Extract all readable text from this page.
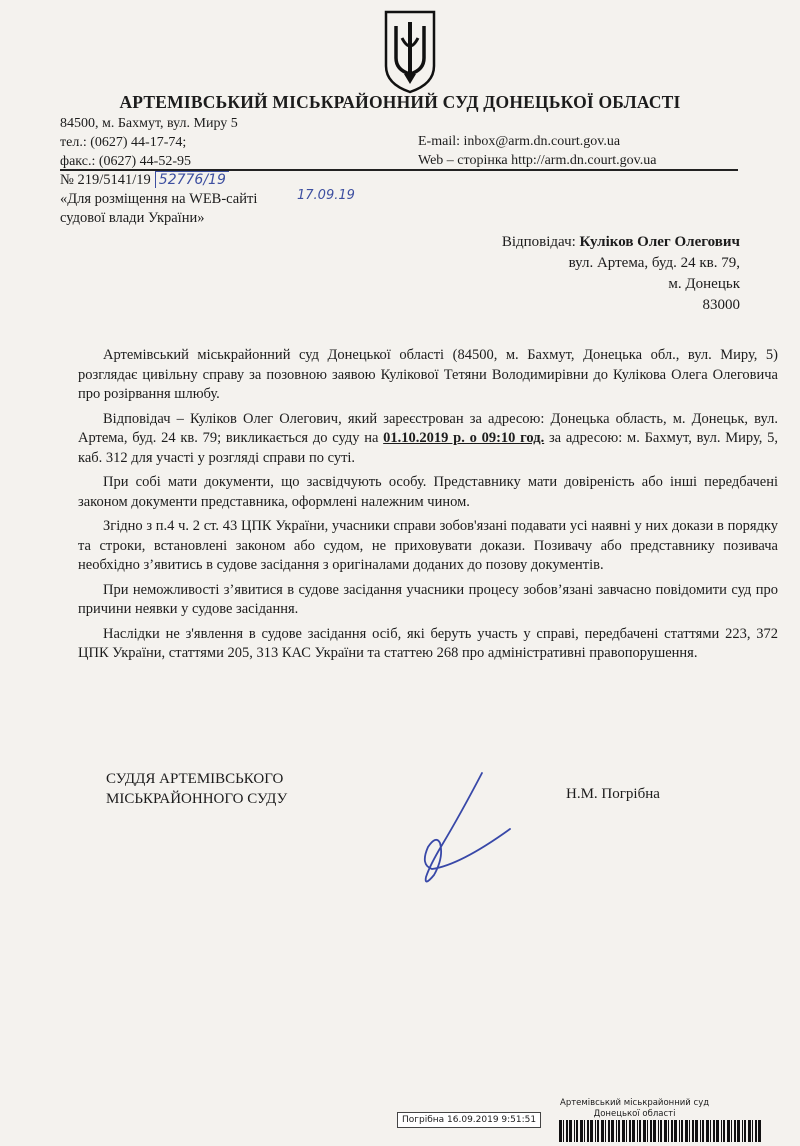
АРТЕМІВСЬКИЙ МІСЬКРАЙОННИЙ СУД ДОНЕЦЬКОЇ ОБЛАСТІ
84500, м. Бахмут, вул. Миру 5
тел.: (0627) 44-17-74;
факс.: (0627) 44-52-95
E-mail: inbox@arm.dn.court.gov.ua
Web – сторінка http://arm.dn.court.gov.ua
№ 219/5141/19 52776/19
«Для розміщення на WEB-сайті
судової влади України»
17.09.19
Відповідач: Куліков Олег Олегович
вул. Артема, буд. 24 кв. 79,
м. Донецьк
83000

Артемівський міськрайонний суд Донецької області (84500, м. Бахмут, Донецька обл., вул. Миру, 5) розглядає цивільну справу за позовною заявою Кулікової Тетяни Володимирівни до Кулікова Олега Олеговича про розірвання шлюбу.

Відповідач – Куліков Олег Олегович, який зареєстрован за адресою: Донецька область, м. Донецьк, вул. Артема, буд. 24 кв. 79; викликається до суду на 01.10.2019 р. о 09:10 год. за адресою: м. Бахмут, вул. Миру, 5, каб. 312 для участі у розгляді справи по суті.

При собі мати документи, що засвідчують особу. Представнику мати довіреність або інші передбачені законом документи представника, оформлені належним чином.

Згідно з п.4 ч. 2 ст. 43 ЦПК України, учасники справи зобов'язані подавати усі наявні у них докази в порядку та строки, встановлені законом або судом, не приховувати докази. Позивачу або представнику позивача необхідно з’явитись в судове засідання з оригіналами доданих до позову документів.

При неможливості з’явитися в судове засідання учасники процесу зобов’язані завчасно повідомити суд про причини неявки у судове засідання.

Наслідки не з'явлення в судове засідання осіб, які беруть участь у справі, передбачені статтями 223, 372 ЦПК України, статтями 205, 313 КАС України та статтею 268 про адміністративні правопорушення.

СУДДЯ АРТЕМІВСЬКОГО
МІСЬКРАЙОННОГО СУДУ	Н.М. Погрібна
Погрібна 16.09.2019 9:51:51
Артемівський міськрайонний суд
Донецької області
